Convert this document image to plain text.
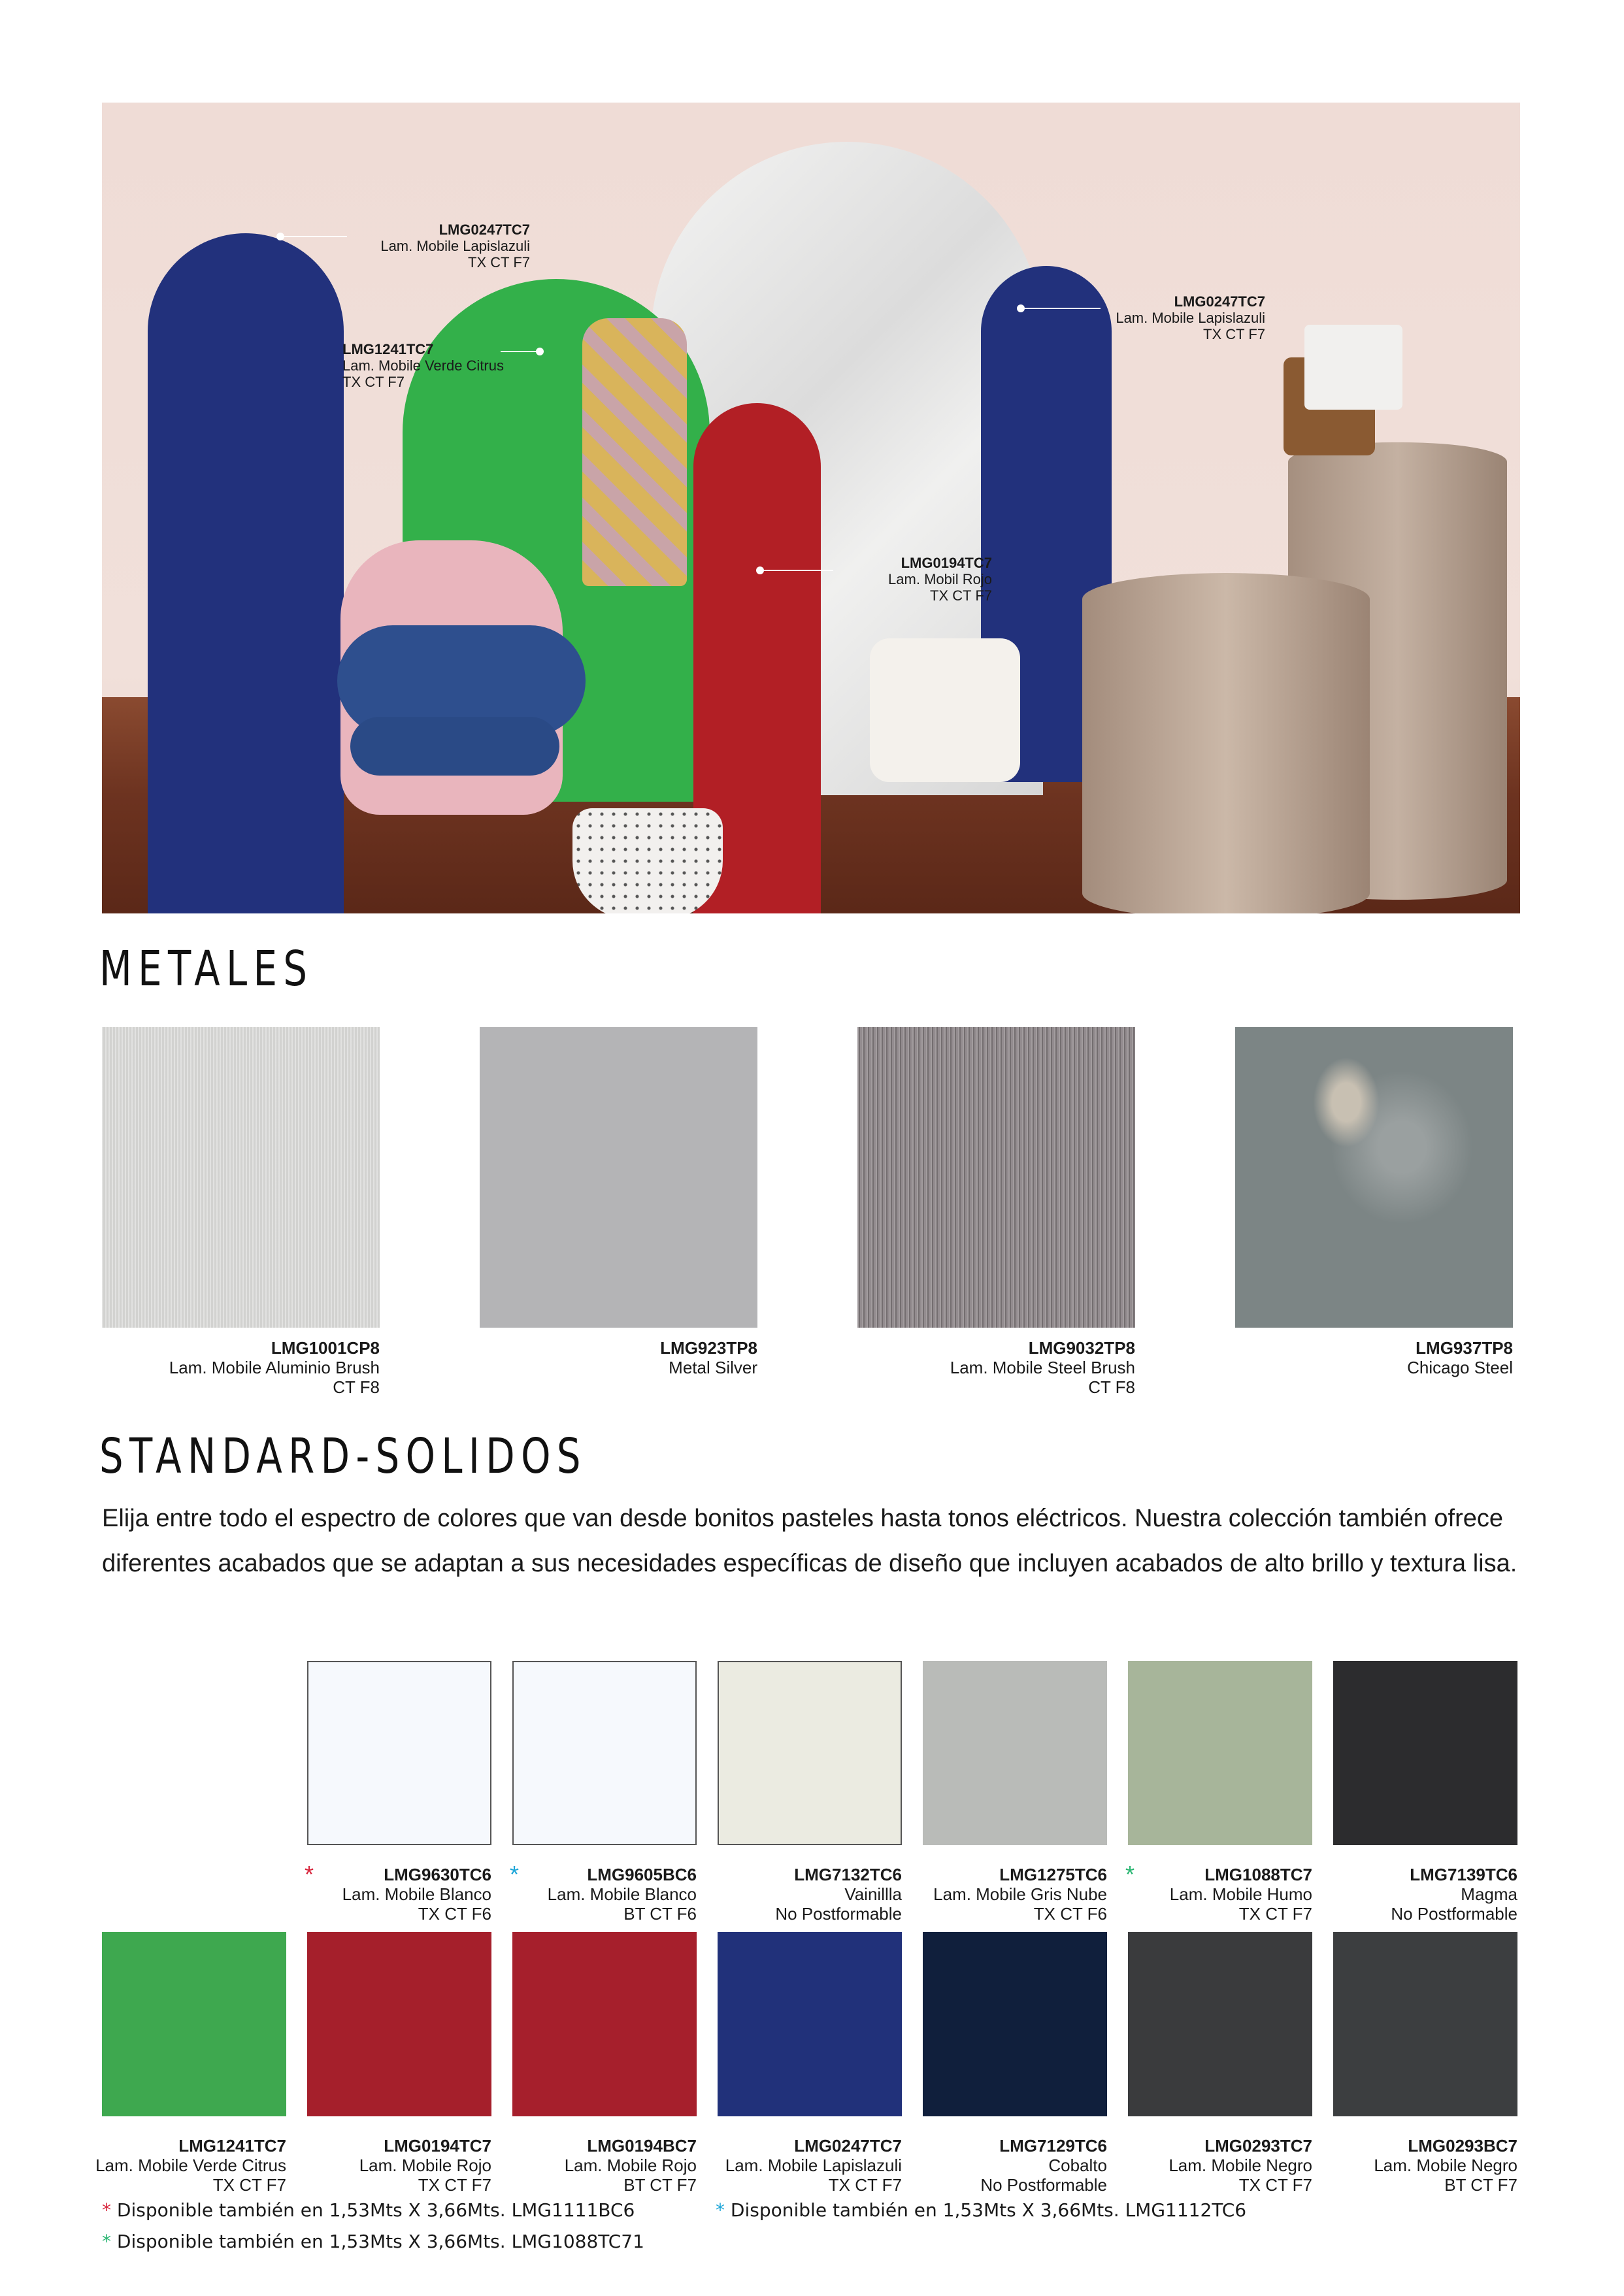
LMG0247TC7
Lam. Mobile Lapislazuli
TX CT F7
LMG1241TC7
Lam. Mobile Verde Citrus
TX CT F7
LMG0247TC7
Lam. Mobile Lapislazuli
TX CT F7
LMG0194TC7
Lam. Mobil Rojo
TX CT F7
METALES
LMG1001CP8
Lam. Mobile Aluminio Brush
CT F8
LMG923TP8
Metal Silver
LMG9032TP8
Lam. Mobile Steel Brush
CT F8
LMG937TP8
Chicago Steel
STANDARD-SOLIDOS
Elija entre todo el espectro de colores que van desde bonitos pasteles hasta tonos eléctricos. Nuestra colección también ofrece diferentes acabados que se adaptan a sus necesidades específicas de diseño que incluyen acabados de alto brillo y textura lisa.
LMG9630TC6
Lam. Mobile Blanco
TX CT F6
*	LMG9605BC6
Lam. Mobile Blanco
BT CT F6
*	LMG7132TC6
Vainillla
No Postformable
LMG1275TC6
Lam. Mobile Gris Nube
TX CT F6
LMG1088TC7
Lam. Mobile Humo
TX CT F7
*	LMG7139TC6
Magma
No Postformable
LMG1241TC7
Lam. Mobile Verde Citrus
TX CT F7
LMG0194TC7
Lam. Mobile Rojo
TX CT F7
LMG0194BC7
Lam. Mobile Rojo
BT CT F7
LMG0247TC7
Lam. Mobile Lapislazuli
TX CT F7
LMG7129TC6
Cobalto
No Postformable
LMG0293TC7
Lam. Mobile Negro
TX CT F7
LMG0293BC7
Lam. Mobile Negro
BT CT F7
* Disponible también en 1,53Mts X 3,66Mts. LMG1111BC6
* Disponible también en 1,53Mts X 3,66Mts. LMG1088TC71
* Disponible también en 1,53Mts X 3,66Mts. LMG1112TC6
